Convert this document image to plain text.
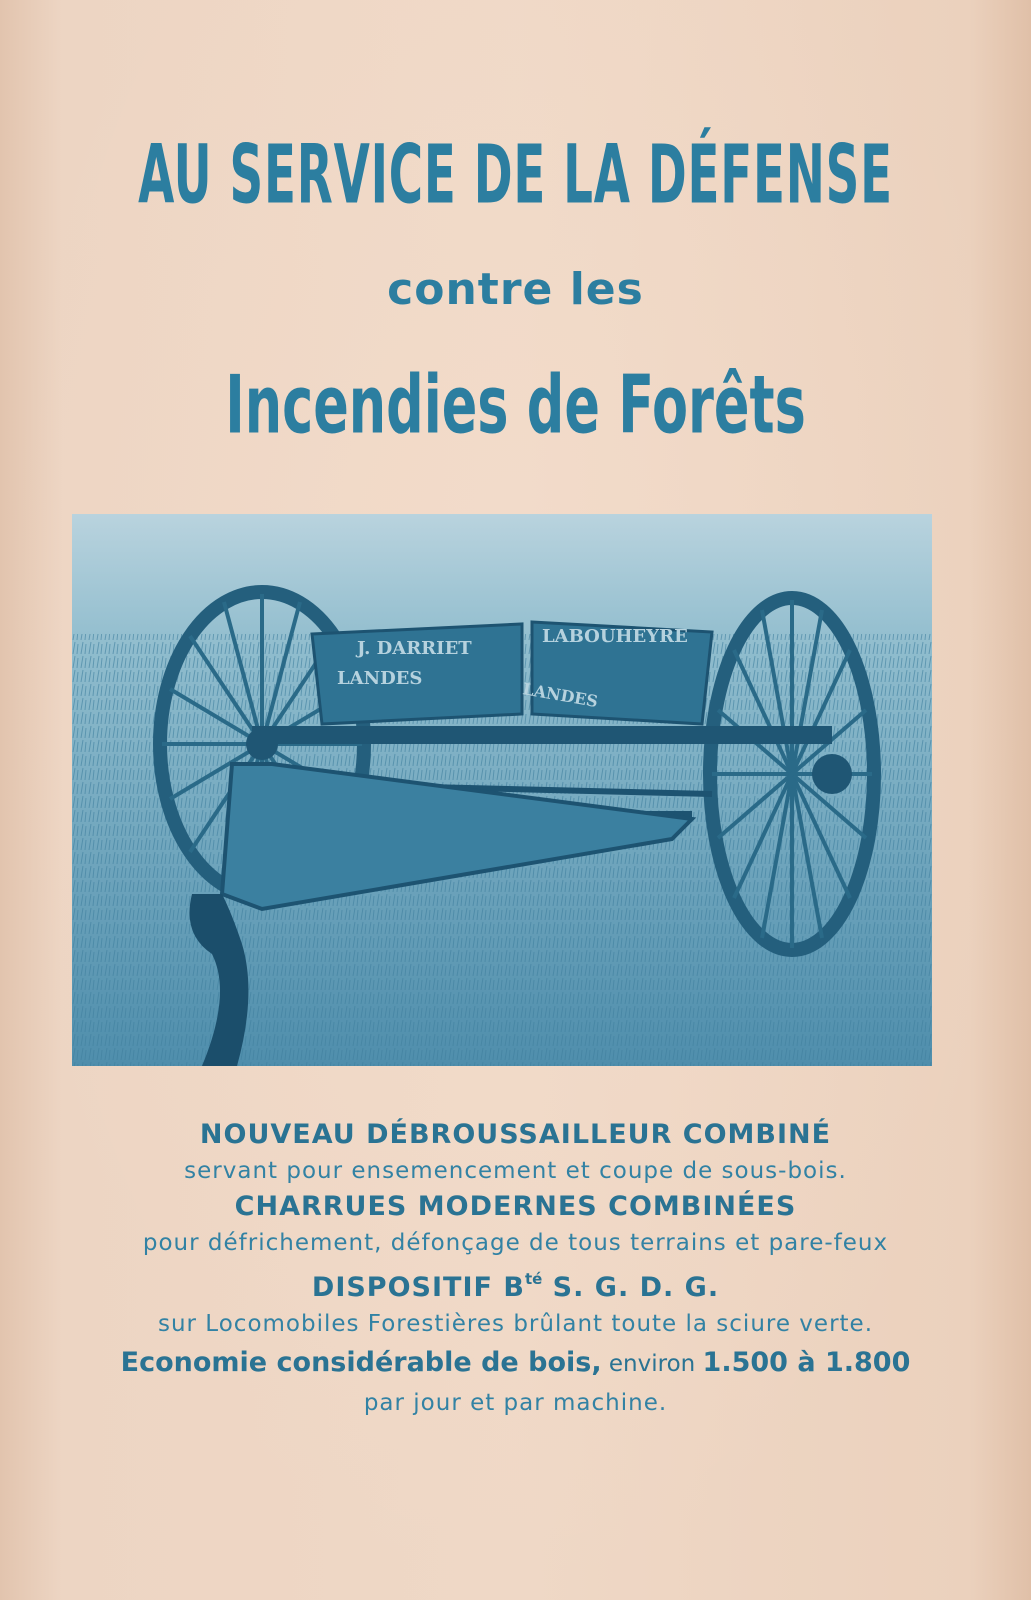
AU SERVICE DE LA DÉFENSE
contre les
Incendies de Forêts
J. DARRIET
LANDES
LABOUHEYRE
LANDES

NOUVEAU DÉBROUSSAILLEUR COMBINÉ

servant pour ensemencement et coupe de sous-bois.

CHARRUES MODERNES COMBINÉES

pour défrichement, défonçage de tous terrains et pare-feux

DISPOSITIF $B^{té}$ S. G. D. G.

sur Locomobiles Forestières brûlant toute la sciure verte.

Economie considérable de bois, environ 1.500 à 1.800

par jour et par machine.
